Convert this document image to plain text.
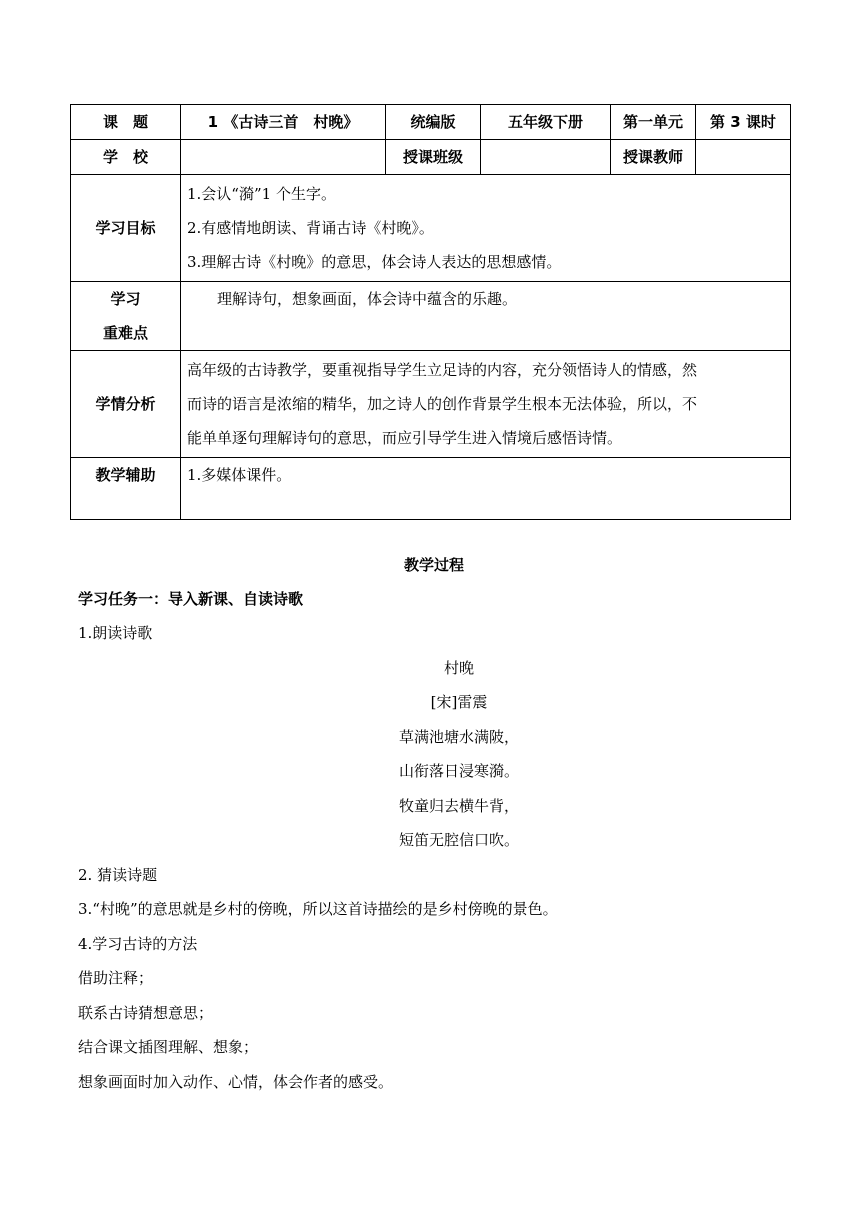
课　题	1 《古诗三首　村晚》	统编版	五年级下册	第一单元	第 3 课时
学　校		授课班级		授课教师	
学习目标	1.会认“漪”1 个生字。
2.有感情地朗读、背诵古诗《村晚》。
3.理解古诗《村晚》的意思，体会诗人表达的思想感情。				

学习
重难点	理解诗句，想象画面，体会诗中蕴含的乐趣。				

学情分析	高年级的古诗教学，要重视指导学生立足诗的内容，充分领悟诗人的情感，然
而诗的语言是浓缩的精华，加之诗人的创作背景学生根本无法体验，所以，不
能单单逐句理解诗句的意思，而应引导学生进入情境后感悟诗情。				

教学辅助	1.多媒体课件。				
教学过程
学习任务一：导入新课、自读诗歌
1.朗读诗歌
村晚
[宋]雷震
草满池塘水满陂，
山衔落日浸寒漪。
牧童归去横牛背，
短笛无腔信口吹。
2. 猜读诗题
3.“村晚”的意思就是乡村的傍晚，所以这首诗描绘的是乡村傍晚的景色。
4.学习古诗的方法
借助注释；
联系古诗猜想意思；
结合课文插图理解、想象；
想象画面时加入动作、心情，体会作者的感受。
